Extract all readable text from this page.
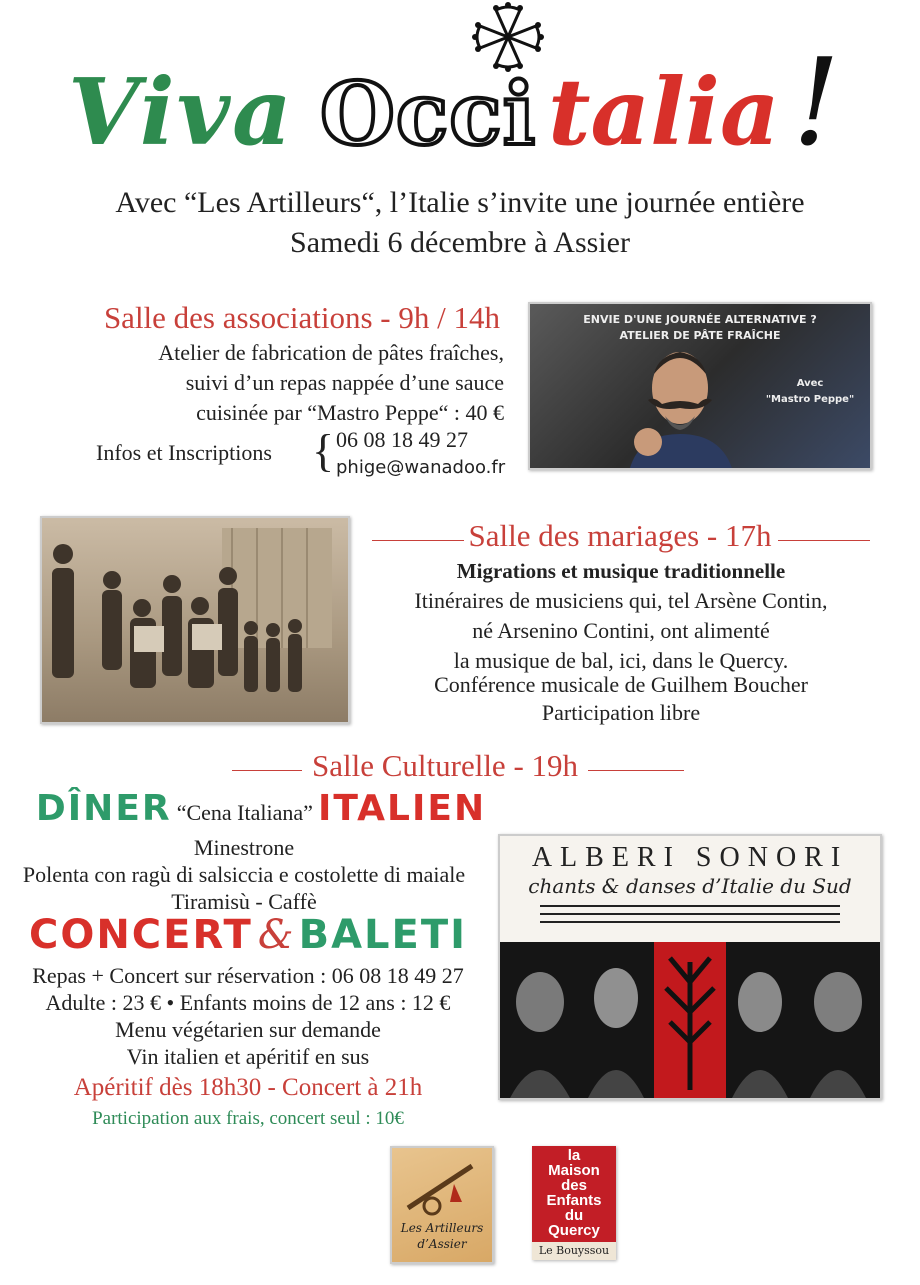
Viva Occi talia !
Avec “Les Artilleurs“, l’Italie s’invite une journée entière
Samedi 6 décembre à Assier
Salle des associations - 9h / 14h
Atelier de fabrication de pâtes fraîches,
suivi d’un repas nappée d’une sauce
cuisinée par “Mastro Peppe“ : 40 €
Infos et Inscriptions { 06 08 18 49 27
phige@wanadoo.fr
ENVIE D'UNE JOURNÉE ALTERNATIVE ?
ATELIER DE PÂTE FRAÎCHE
Avec
"Mastro Peppe"
Salle des mariages - 17h
Migrations et musique traditionnelle
Itinéraires de musiciens qui, tel Arsène Contin,
né Arsenino Contini, ont alimenté
la musique de bal, ici, dans le Quercy.
Conférence musicale de Guilhem Boucher
Participation libre
Salle Culturelle - 19h
DÎNER “Cena Italiana” ITALIEN
Minestrone
Polenta con ragù di salsiccia e costolette di maiale
Tiramisù - Caffè
CONCERT & BALETI
Repas + Concert sur réservation : 06 08 18 49 27
Adulte : 23 € • Enfants moins de 12 ans : 12 €
Menu végétarien sur demande
Vin italien et apéritif en sus
Apéritif dès 18h30 - Concert à 21h
Participation aux frais, concert seul : 10€
ALBERI SONORI
chants & danses d’Italie du Sud
Les Artilleurs
d’Assier
la
Maison
des
Enfants
du
Quercy
Le Bouyssou
